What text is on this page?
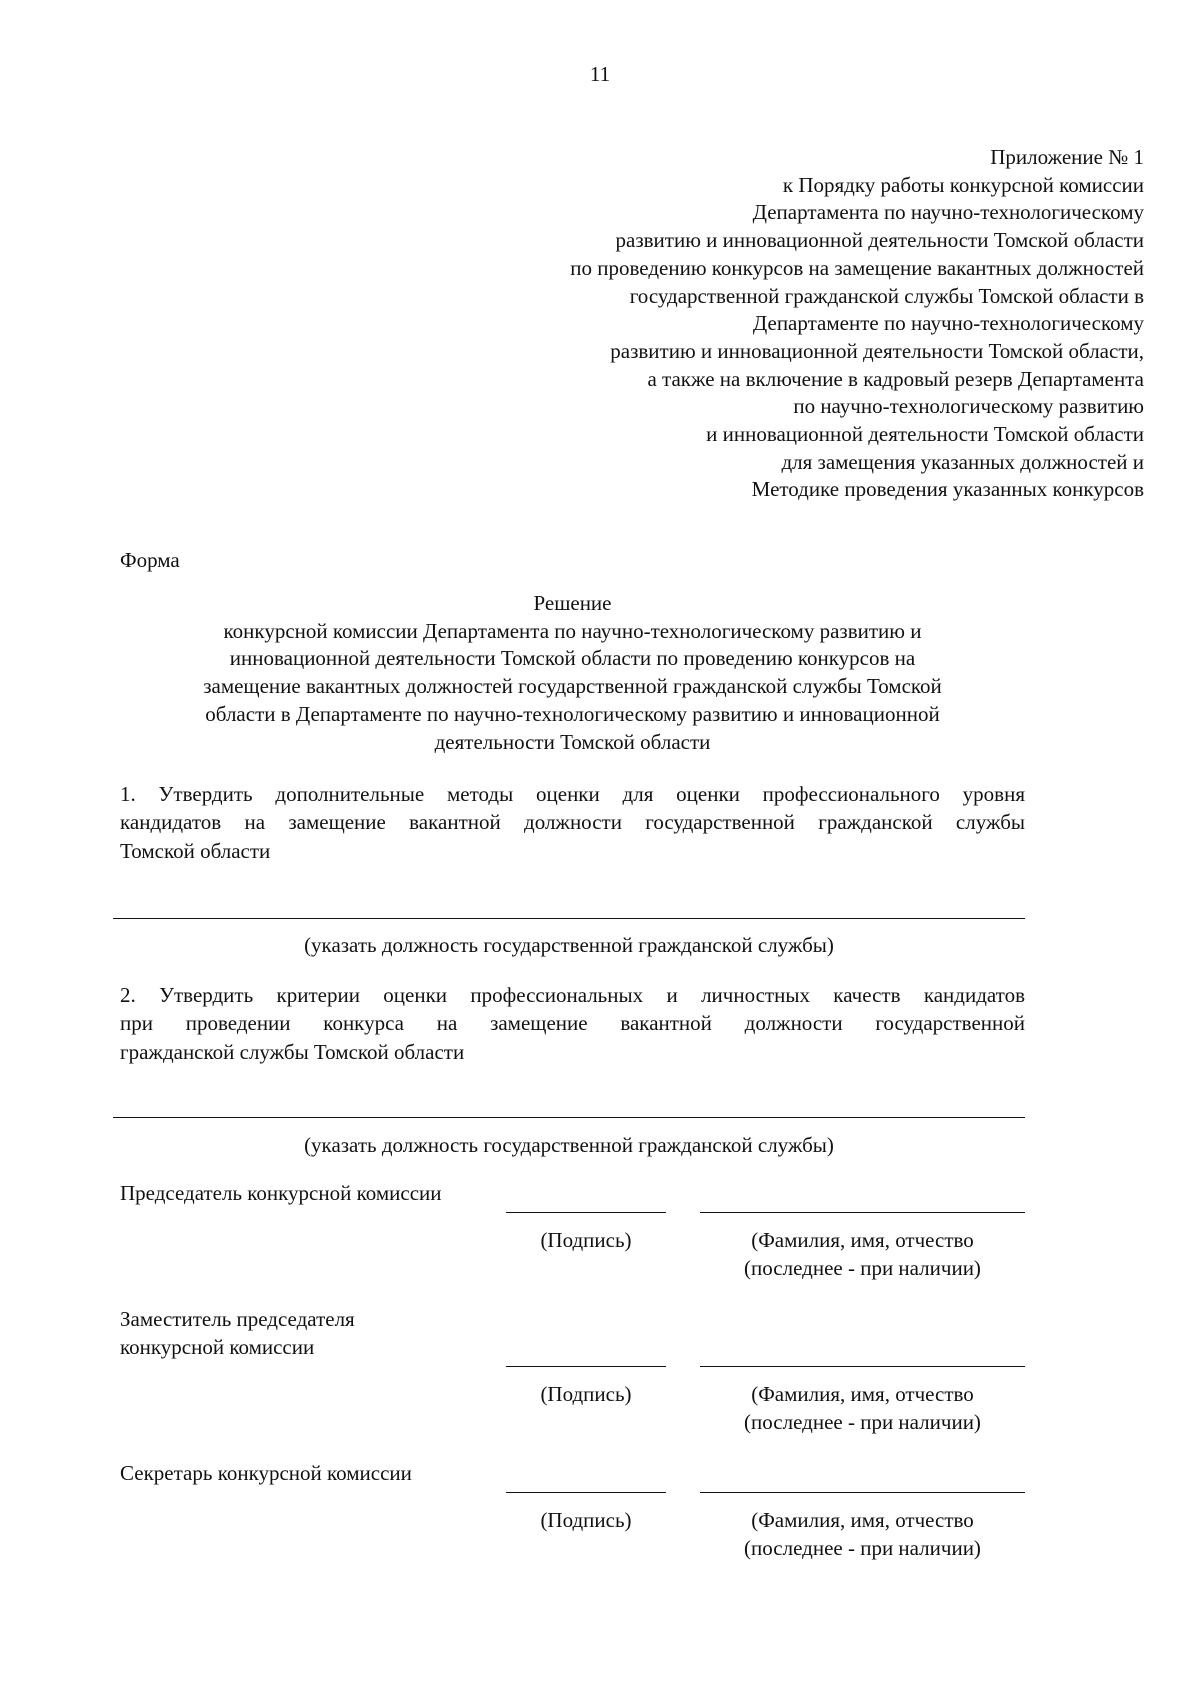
11
Приложение № 1
к Порядку работы конкурсной комиссии
Департамента по научно-технологическому
развитию и инновационной деятельности Томской области
по проведению конкурсов на замещение вакантных должностей
государственной гражданской службы Томской области в
Департаменте по научно-технологическому
развитию и инновационной деятельности Томской области,
а также на включение в кадровый резерв Департамента
по научно-технологическому развитию
и инновационной деятельности Томской области
для замещения указанных должностей и
Методике проведения указанных конкурсов
Форма
Решение
конкурсной комиссии Департамента по научно-технологическому развитию и
инновационной деятельности Томской области по проведению конкурсов на
замещение вакантных должностей государственной гражданской службы Томской
области в Департаменте по научно-технологическому развитию и инновационной
деятельности Томской области
1. Утвердить дополнительные методы оценки для оценки профессионального уровня
кандидатов на замещение вакантной должности государственной гражданской службы
Томской области
(указать должность государственной гражданской службы)
2. Утвердить критерии оценки профессиональных и личностных качеств кандидатов
при проведении конкурса на замещение вакантной должности государственной
гражданской службы Томской области
(указать должность государственной гражданской службы)
Председатель конкурсной комиссии
(Подпись)	(Фамилия, имя, отчество
(последнее - при наличии)
Заместитель председателя
конкурсной комиссии
(Подпись)	(Фамилия, имя, отчество
(последнее - при наличии)
Секретарь конкурсной комиссии
(Подпись)	(Фамилия, имя, отчество
(последнее - при наличии)
